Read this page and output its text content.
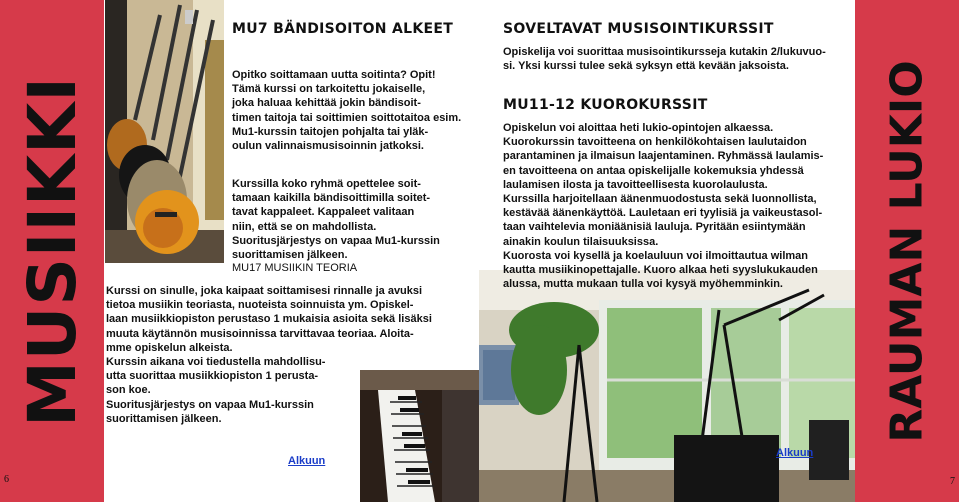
MUSIIKKI	RAUMAN LUKIO
6	7
MU7 BÄNDISOITON ALKEET

Opitko soittamaan uutta soitinta? Opit!
Tämä kurssi on tarkoitettu jokaiselle,
joka haluaa kehittää jokin bändisoit-
timen taitoja tai soittimien soittotaitoa esim.
Mu1-kurssin taitojen pohjalta tai yläk-
oulun valinnaismusisoinnin jatkoksi.

Kurssilla koko ryhmä opettelee soit-
tamaan kaikilla bändisoittimilla soitet-
tavat kappaleet. Kappaleet valitaan
niin, että se on mahdollista.
Suoritusjärjestys on vapaa Mu1-kurssin
suorittamisen jälkeen.

MU17 MUSIIKIN TEORIA

Kurssi on sinulle, joka kaipaat soittamisesi rinnalle ja avuksi
tietoa musiikin teoriasta, nuoteista soinnuista ym. Opiskel-
laan musiikkiopiston perustaso 1 mukaisia asioita sekä lisäksi
muuta käytännön musisoinnissa tarvittavaa teoriaa. Aloita-
mme opiskelun alkeista.

Kurssin aikana voi tiedustella mahdollisu-
utta suorittaa musiikkiopiston 1 perusta-
son koe.
Suoritusjärjestys on vapaa Mu1-kurssin
suorittamisen jälkeen.

Alkuun
SOVELTAVAT MUSISOINTIKURSSIT

Opiskelija voi suorittaa musisointikursseja kutakin 2/lukuvuo-
si. Yksi kurssi tulee sekä syksyn että kevään jaksoista.

MU11-12 KUOROKURSSIT

Opiskelun voi aloittaa heti lukio-opintojen alkaessa.
Kuorokurssin tavoitteena on henkilökohtaisen laulutaidon
parantaminen ja ilmaisun laajentaminen. Ryhmässä laulamis-
en tavoitteena on antaa opiskelijalle kokemuksia yhdessä
laulamisen ilosta ja tavoitteellisesta kuorolaulusta.
Kurssilla harjoitellaan äänenmuodostusta sekä luonnollista,
kestävää äänenkäyttöä. Lauletaan eri tyylisiä ja vaikeustasol-
taan vaihtelevia moniäänisiä lauluja. Pyritään esiintymään
ainakin koulun tilaisuuksissa.
Kuorosta voi kysellä ja koelauluun voi ilmoittautua wilman
kautta musiikinopettajalle. Kuoro alkaa heti syyslukukauden
alussa, mutta mukaan tulla voi kysyä myöhemminkin.

Alkuun
